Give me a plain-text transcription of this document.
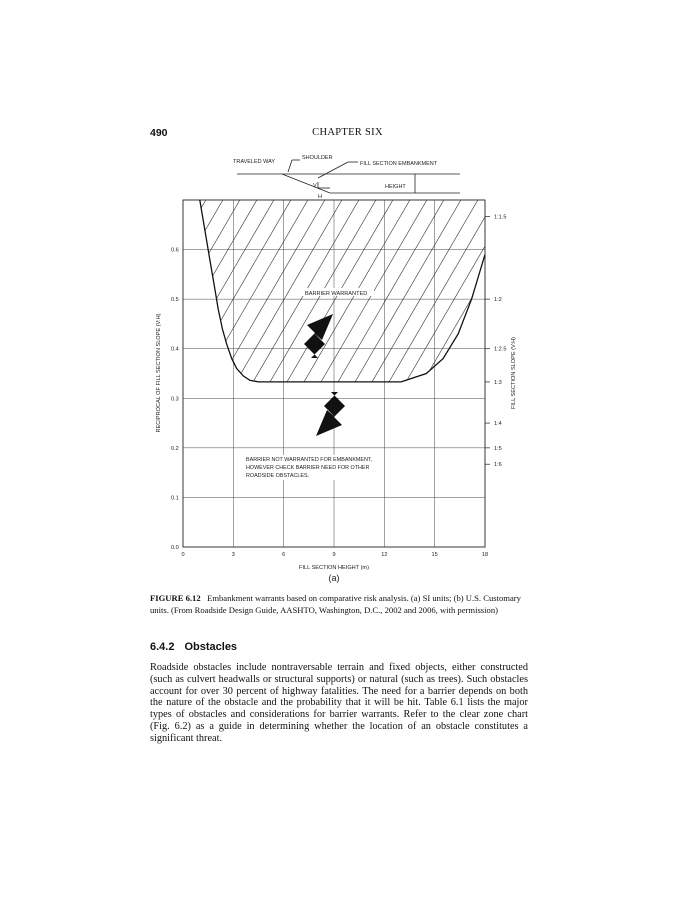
490	CHAPTER SIX
TRAVELED WAY
SHOULDER
FILL SECTION EMBANKMENT
HEIGHT
V
H
0	3	6	9	12	15	18
0.0
0.1
0.2
0.3
0.4
0.5
0.6
1:1.5
1:2
1:2.5
1:3
1:4
1:5
1:6
BARRIER WARRANTED
BARRIER NOT WARRANTED FOR EMBANKMENT,
HOWEVER CHECK BARRIER NEED FOR OTHER
ROADSIDE OBSTACLES.
FILL SECTION HEIGHT (m)
(a)
RECIPROCAL OF FILL SECTION SLOPE (V:H)	FILL SECTION SLOPE (V:H)
FIGURE 6.12 Embankment warrants based on comparative risk analysis. (a) SI units; (b) U.S. Customary units. (From Roadside Design Guide, AASHTO, Washington, D.C., 2002 and 2006, with permission)
6.4.2 Obstacles
Roadside obstacles include nontraversable terrain and fixed objects, either constructed (such as culvert headwalls or structural supports) or natural (such as trees). Such obstacles account for over 30 percent of highway fatalities. The need for a barrier depends on both the nature of the obstacle and the probability that it will be hit. Table 6.1 lists the major types of obstacles and considerations for barrier warrants. Refer to the clear zone chart (Fig. 6.2) as a guide in determining whether the location of an obstacle constitutes a significant threat.
